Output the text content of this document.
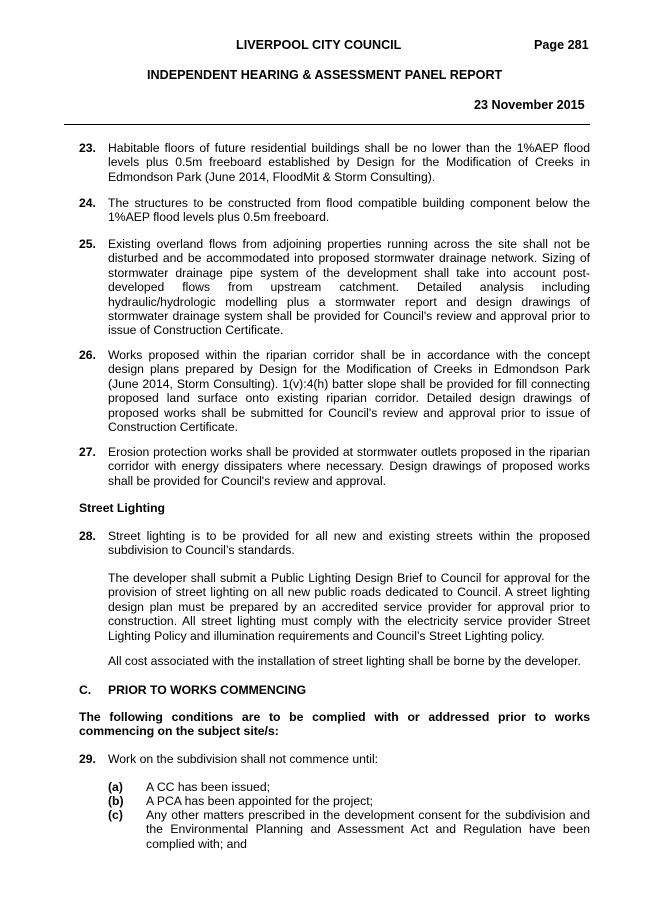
LIVERPOOL CITY COUNCIL	Page 281
INDEPENDENT HEARING & ASSESSMENT PANEL REPORT
23 November 2015
23. Habitable floors of future residential buildings shall be no lower than the 1%AEP flood levels plus 0.5m freeboard established by Design for the Modification of Creeks in Edmondson Park (June 2014, FloodMit & Storm Consulting).
24. The structures to be constructed from flood compatible building component below the 1%AEP flood levels plus 0.5m freeboard.
25. Existing overland flows from adjoining properties running across the site shall not be disturbed and be accommodated into proposed stormwater drainage network. Sizing of stormwater drainage pipe system of the development shall take into account post-developed flows from upstream catchment. Detailed analysis including hydraulic/hydrologic modelling plus a stormwater report and design drawings of stormwater drainage system shall be provided for Council's review and approval prior to issue of Construction Certificate.
26. Works proposed within the riparian corridor shall be in accordance with the concept design plans prepared by Design for the Modification of Creeks in Edmondson Park (June 2014, Storm Consulting). 1(v):4(h) batter slope shall be provided for fill connecting proposed land surface onto existing riparian corridor. Detailed design drawings of proposed works shall be submitted for Council's review and approval prior to issue of Construction Certificate.
27. Erosion protection works shall be provided at stormwater outlets proposed in the riparian corridor with energy dissipaters where necessary. Design drawings of proposed works shall be provided for Council's review and approval.
Street Lighting
28. Street lighting is to be provided for all new and existing streets within the proposed subdivision to Council’s standards.
The developer shall submit a Public Lighting Design Brief to Council for approval for the provision of street lighting on all new public roads dedicated to Council. A street lighting design plan must be prepared by an accredited service provider for approval prior to construction. All street lighting must comply with the electricity service provider Street Lighting Policy and illumination requirements and Council’s Street Lighting policy.
All cost associated with the installation of street lighting shall be borne by the developer.
C. PRIOR TO WORKS COMMENCING
The following conditions are to be complied with or addressed prior to works commencing on the subject site/s:
29. Work on the subdivision shall not commence until:
(a) A CC has been issued;
(b) A PCA has been appointed for the project;
(c) Any other matters prescribed in the development consent for the subdivision and the Environmental Planning and Assessment Act and Regulation have been complied with; and
